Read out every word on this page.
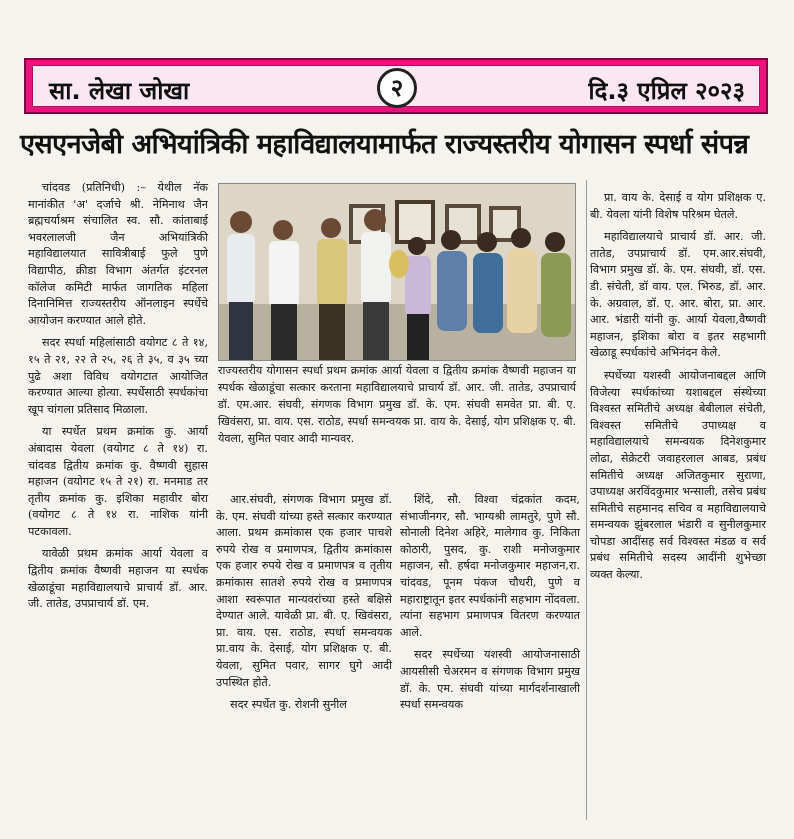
सा. लेखा जोखा	२	दि.३ एप्रिल २०२३
एसएनजेबी अभियांत्रिकी महाविद्यालयामार्फत राज्यस्तरीय योगासन स्पर्धा संपन्न

चांदवड (प्रतिनिधी) :– येथील नॅक मानांकीत 'अ' दर्जाचे श्री. नेमिनाथ जैन ब्रह्मचर्याश्रम संचालित स्व. सौ. कांताबाई भवरलालजी जैन अभियांत्रिकी महाविद्यालयात सावित्रीबाई फुले पुणे विद्यापीठ, क्रीडा विभाग अंतर्गत इंटरनल कॉलेज कमिटी मार्फत जागतिक महिला दिनानिमित्त राज्यस्तरीय ऑनलाइन स्पर्धेचे आयोजन करण्यात आले होते.

सदर स्पर्धा महिलांसाठी वयोगट ८ ते १४, १५ ते २१, २२ ते २५, २६ ते ३५, व ३५ च्या पुढे अशा विविध वयोगटात आयोजित करण्यात आल्या होत्या. स्पर्धेसाठी स्पर्धकांचा खूप चांगला प्रतिसाद मिळाला.

या स्पर्धेत प्रथम क्रमांक कु. आर्या अंबादास येवला (वयोगट ८ ते १४) रा. चांदवड द्वितीय क्रमांक कु. वैष्णवी सुहास महाजन (वयोगट १५ ते २१) रा. मनमाड तर तृतीय क्रमांक कु. इशिका महावीर बोरा (वयोगट ८ ते १४ रा. नाशिक यांनी पटकावला.

यावेळी प्रथम क्रमांक आर्या येवला व द्वितीय क्रमांक वैष्णवी महाजन या स्पर्धक खेळाडूंचा महाविद्यालयाचे प्राचार्य डॉ. आर. जी. तातेड, उपप्राचार्य डॉ. एम.

राज्यस्तरीय योगासन स्पर्धा प्रथम क्रमांक आर्या येवला व द्वितीय क्रमांक वैष्णवी महाजन या स्पर्धक खेळाडूंचा सत्कार करताना महाविद्यालयाचे प्राचार्य डॉ. आर. जी. तातेड, उपप्राचार्य डॉ. एम.आर. संघवी, संगणक विभाग प्रमुख डॉ. के. एम. संघवी समवेत प्रा. बी. ए. खिवंसरा, प्रा. वाय. एस. राठोड, स्पर्धा समन्वयक प्रा. वाय के. देसाई, योग प्रशिक्षक ए. बी. येवला, सुमित पवार आदी मान्यवर.

आर.संघवी, संगणक विभाग प्रमुख डॉ. के. एम. संघवी यांच्या हस्ते सत्कार करण्यात आला. प्रथम क्रमांकास एक हजार पाचशे रुपये रोख व प्रमाणपत्र, द्वितीय क्रमांकास एक हजार रुपये रोख व प्रमाणपत्र व तृतीय क्रमांकास सातशे रुपये रोख व प्रमाणपत्र आशा स्वरूपात मान्यवरांच्या हस्ते बक्षिसे देण्यात आले. यावेळी प्रा. बी. ए. खिवंसरा, प्रा. वाय. एस. राठोड, स्पर्धा समन्वयक प्रा.वाय के. देसाई, योग प्रशिक्षक ए. बी. येवला, सुमित पवार, सागर घुगे आदी उपस्थित होते.

सदर स्पर्धेत कु. रोशनी सुनील

शिंदे, सौ. विश्वा चंद्रकांत कदम, संभाजीनगर, सौ. भाग्यश्री लामतुरे, पुणे सौ. सोनाली दिनेश अहिरे, मालेगाव कु. निकिता कोठारी, पुसद, कु. राशी मनोजकुमार महाजन, सौ. हर्षदा मनोजकुमार महाजन,रा. चांदवड, पूनम पंकज चौधरी, पुणे व महाराष्ट्रातून इतर स्पर्धकांनी सहभाग नोंदवला. त्यांना सहभाग प्रमाणपत्र वितरण करण्यात आले.

सदर स्पर्धेच्या यशस्वी आयोजनासाठी आयसीसी चेअरमन व संगणक विभाग प्रमुख डॉ. के. एम. संघवी यांच्या मार्गदर्शनाखाली स्पर्धा समन्वयक

प्रा. वाय के. देसाई व योग प्रशिक्षक ए. बी. येवला यांनी विशेष परिश्रम घेतले.

महाविद्यालयाचे प्राचार्य डॉ. आर. जी. तातेड, उपप्राचार्य डॉ. एम.आर.संघवी, विभाग प्रमुख डॉ. के. एम. संघवी, डॉ. एस. डी. संचेती, डॉ वाय. एल. भिरुड, डॉ. आर. के. अग्रवाल, डॉ. ए. आर. बोरा, प्रा. आर. आर. भंडारी यांनी कु. आर्या येवला,वैष्णवी महाजन, इशिका बोरा व इतर सहभागी खेळाडू स्पर्धकांचे अभिनंदन केले.

स्पर्धेच्या यशस्वी आयोजनाबद्दल आणि विजेत्या स्पर्धकांच्या यशाबद्दल संस्थेच्या विश्वस्त समितीचे अध्यक्ष बेबीलाल संचेती, विश्वस्त समितीचे उपाध्यक्ष व महाविद्यालयाचे समन्वयक दिनेशकुमार लोढा, सेक्रेटरी जवाहरलाल आबड, प्रबंध समितीचे अध्यक्ष अजितकुमार सुराणा, उपाध्यक्ष अरविंदकुमार भन्साली, तसेच प्रबंध समितीचे सहमानद सचिव व महाविद्यालयाचे समन्वयक झुंबरलाल भंडारी व सुनीलकुमार चोपडा आदींसह सर्व विश्वस्त मंडळ व सर्व प्रबंध समितीचे सदस्य आदींनी शुभेच्छा व्यक्त केल्या.
